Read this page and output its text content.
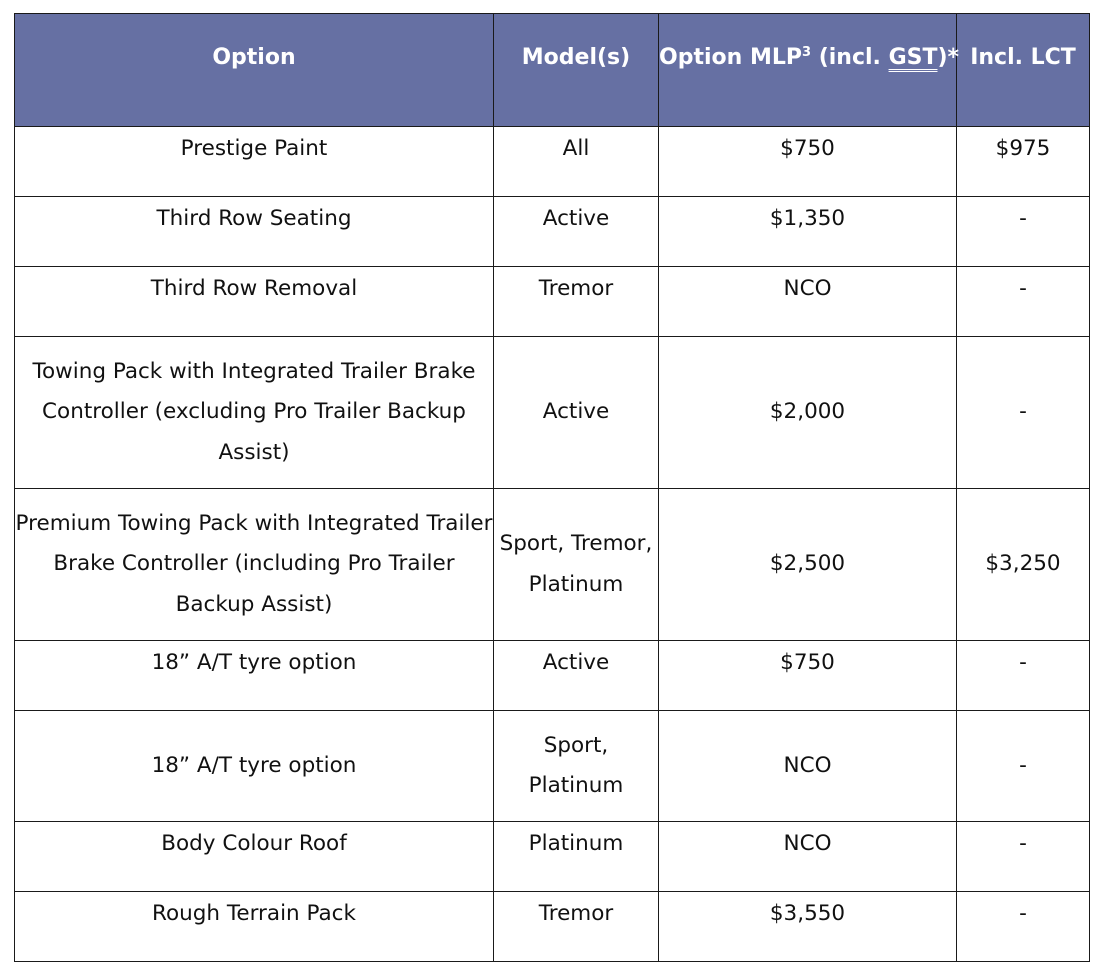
Option	Model(s)	Option MLP$^3$ (incl. GST)*	Incl. LCT
Prestige Paint	All	$750	$975
Third Row Seating	Active	$1,350	-
Third Row Removal	Tremor	NCO	-
Towing Pack with Integrated Trailer Brake Controller (excluding Pro Trailer Backup Assist)	Active	$2,000	-
Premium Towing Pack with Integrated Trailer Brake Controller (including Pro Trailer Backup Assist)	Sport, Tremor, Platinum	$2,500	$3,250
18” A/T tyre option	Active	$750	-
18” A/T tyre option	Sport, Platinum	NCO	-
Body Colour Roof	Platinum	NCO	-
Rough Terrain Pack	Tremor	$3,550	-
